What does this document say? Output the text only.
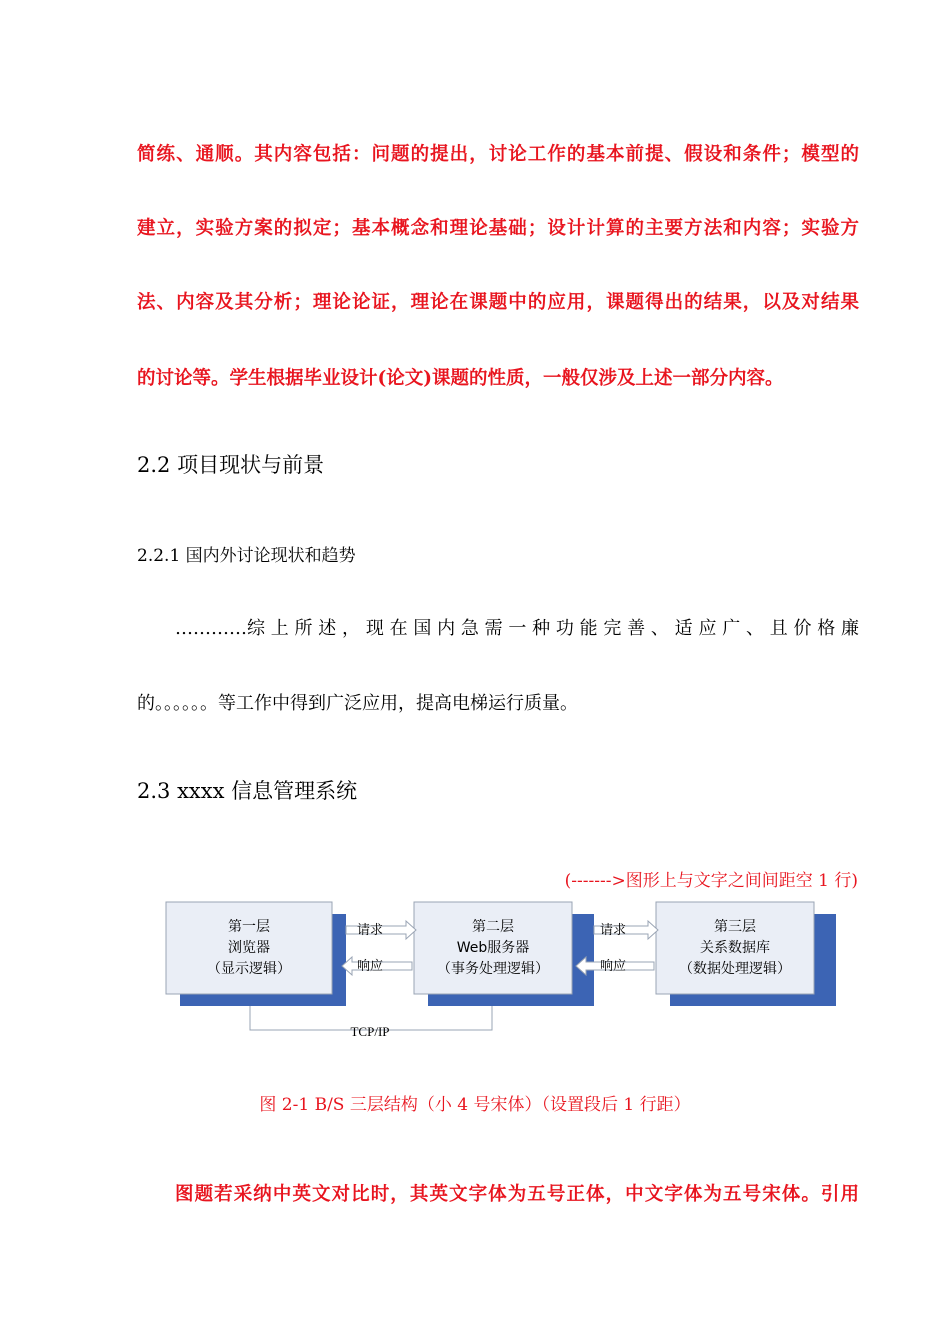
简练、通顺。其内容包括：问题的提出，讨论工作的基本前提、假设和条件；模型的
建立，实验方案的拟定；基本概念和理论基础；设计计算的主要方法和内容；实验方
法、内容及其分析；理论论证，理论在课题中的应用，课题得出的结果，以及对结果
的讨论等。学生根据毕业设计(论文)课题的性质，一般仅涉及上述一部分内容。
2.2 项目现状与前景
2.2.1 国内外讨论现状和趋势
…………综 上 所 述 ， 现 在 国 内 急 需 一 种 功 能 完 善 、 适 应 广 、 且 价 格 廉
的。。。。。。等工作中得到广泛应用，提高电梯运行质量。
2.3 xxxx 信息管理系统
(------->图形上与文字之间间距空 1 行)
第一层
浏览器
（显示逻辑）
第二层
Web服务器
（事务处理逻辑）
第三层
关系数据库
（数据处理逻辑）
请求
响应
请求
响应
TCP/IP
图 2-1 B/S 三层结构（小 4 号宋体）（设置段后 1 行距）
图题若采纳中英文对比时，其英文字体为五号正体，中文字体为五号宋体。引用
